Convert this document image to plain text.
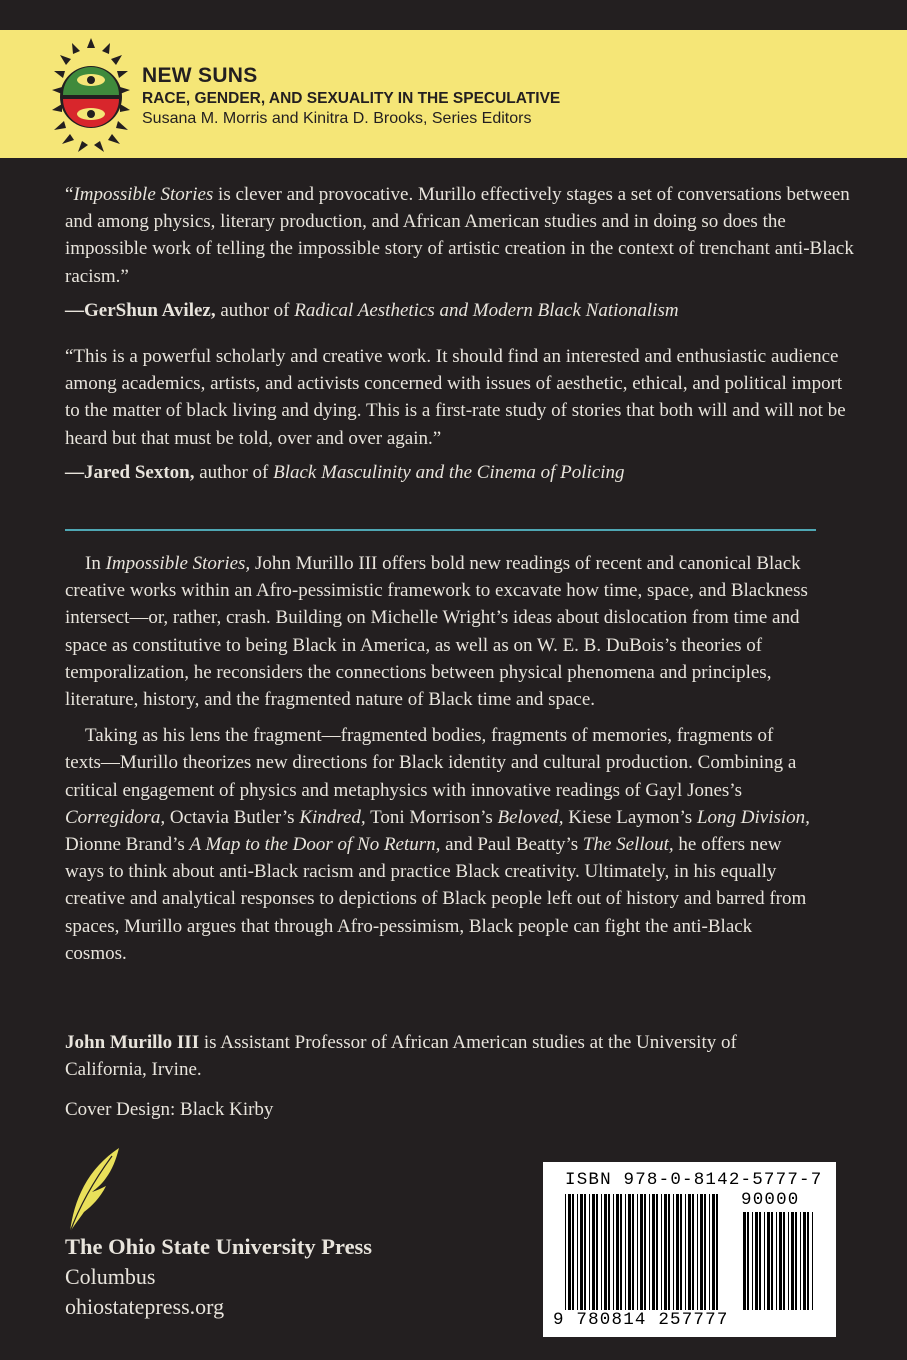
NEW SUNS
RACE, GENDER, AND SEXUALITY IN THE SPECULATIVE
Susana M. Morris and Kinitra D. Brooks, Series Editors

“Impossible Stories is clever and provocative. Murillo effectively stages a set of conversations between and among physics, literary production, and African American studies and in doing so does the impossible work of telling the impossible story of artistic creation in the context of trenchant anti-Black racism.”

—GerShun Avilez, author of Radical Aesthetics and Modern Black Nationalism

“This is a powerful scholarly and creative work. It should find an interested and enthusiastic audience among academics, artists, and activists concerned with issues of aesthetic, ethical, and political import to the matter of black living and dying. This is a first-rate study of stories that both will and will not be heard but that must be told, over and over again.”

—Jared Sexton, author of Black Masculinity and the Cinema of Policing

In Impossible Stories, John Murillo III offers bold new readings of recent and canonical Black creative works within an Afro-pessimistic framework to excavate how time, space, and Blackness intersect—or, rather, crash. Building on Michelle Wright’s ideas about dislocation from time and space as constitutive to being Black in America, as well as on W. E. B. DuBois’s theories of temporalization, he reconsiders the connections between physical phenomena and principles, literature, history, and the fragmented nature of Black time and space.

Taking as his lens the fragment—fragmented bodies, fragments of memories, fragments of texts—Murillo theorizes new directions for Black identity and cultural production. Combining a critical engagement of physics and metaphysics with innovative readings of Gayl Jones’s Corregidora, Octavia Butler’s Kindred, Toni Morrison’s Beloved, Kiese Laymon’s Long Division, Dionne Brand’s A Map to the Door of No Return, and Paul Beatty’s The Sellout, he offers new ways to think about anti-Black racism and practice Black creativity. Ultimately, in his equally creative and analytical responses to depictions of Black people left out of history and barred from spaces, Murillo argues that through Afro-pessimism, Black people can fight the anti-Black cosmos.

John Murillo III is Assistant Professor of African American studies at the University of California, Irvine.
Cover Design: Black Kirby
The Ohio State University Press
Columbus
ohiostatepress.org
ISBN 978-0-8142-5777-7
90000
9 780814 257777
